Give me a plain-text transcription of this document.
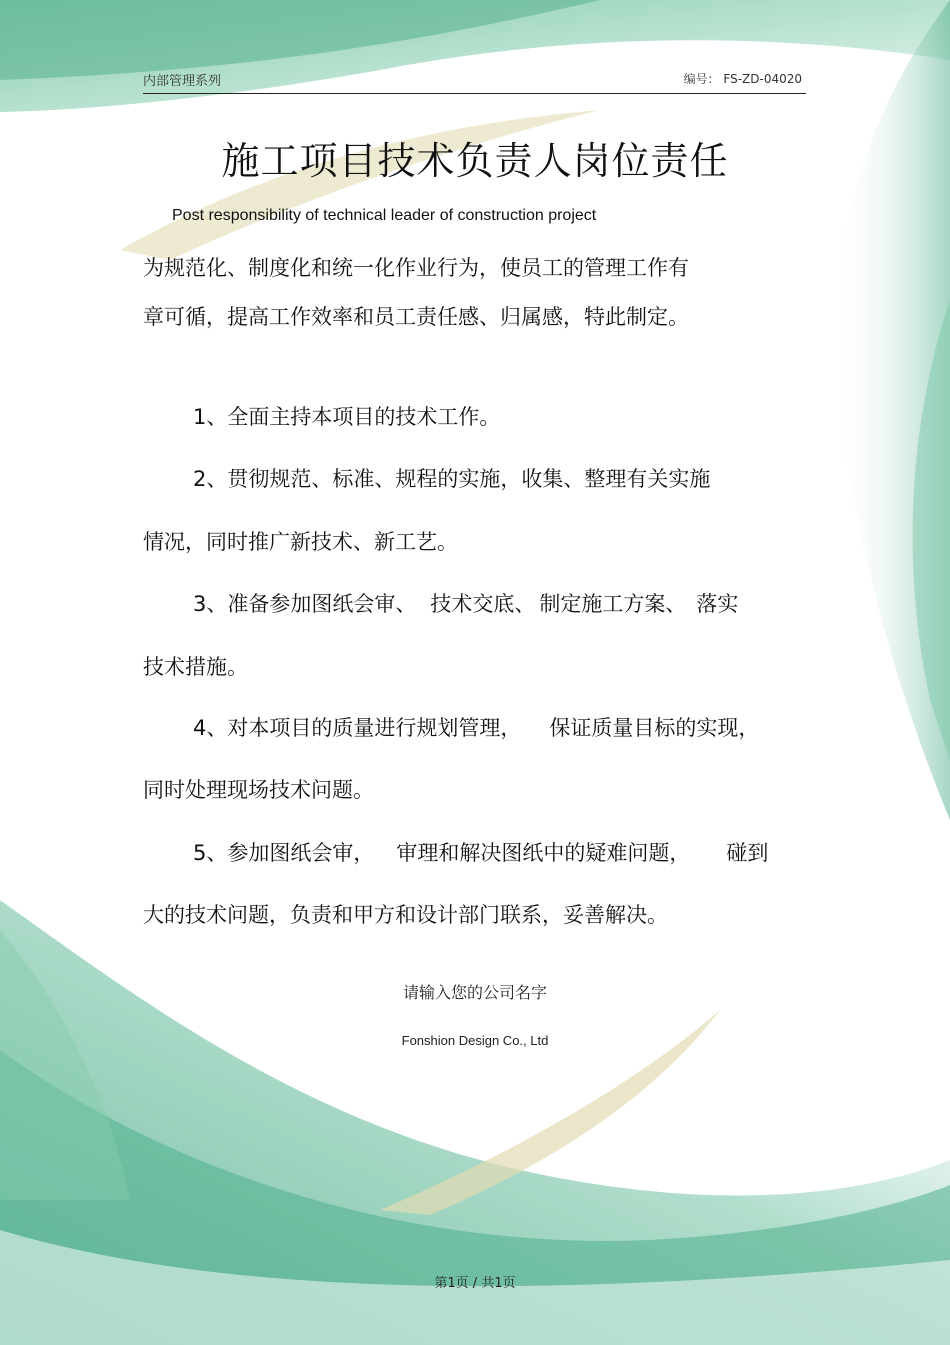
内部管理系列	编号： FS-ZD-04020
施工项目技术负责人岗位责任
Post responsibility of technical leader of construction project
为规范化、制度化和统一化作业行为，使员工的管理工作有
章可循，提高工作效率和员工责任感、归属感，特此制定。
1、全面主持本项目的技术工作。
2、贯彻规范、标准、规程的实施，收集、整理有关实施
情况，同时推广新技术、新工艺。
3、准备参加图纸会审、 技术交底、 制定施工方案、 落实
技术措施。
4、对本项目的质量进行规划管理， 保证质量目标的实现，
同时处理现场技术问题。
5、参加图纸会审， 审理和解决图纸中的疑难问题， 碰到
大的技术问题，负责和甲方和设计部门联系，妥善解决。
请输入您的公司名字
Fonshion Design Co., Ltd
第1页 / 共1页
